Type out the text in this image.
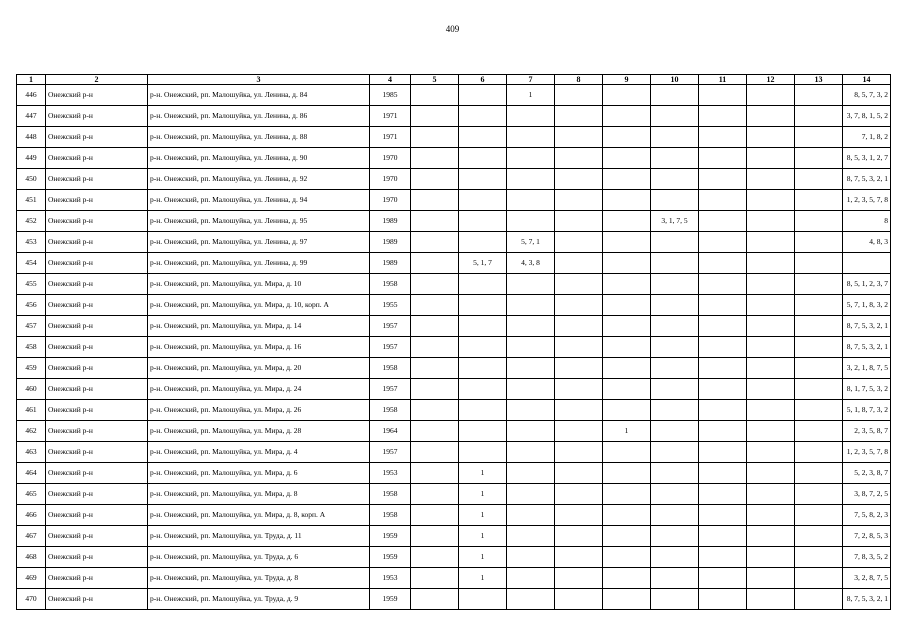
409
1	2	3	4	5	6	7	8	9	10	11	12	13	14
446	Онежский р-н	р-н. Онежский, рп. Малошуйка, ул. Ленина, д. 84	1985			1							8, 5, 7, 3, 2
447	Онежский р-н	р-н. Онежский, рп. Малошуйка, ул. Ленина, д. 86	1971										3, 7, 8, 1, 5, 2
448	Онежский р-н	р-н. Онежский, рп. Малошуйка, ул. Ленина, д. 88	1971										7, 1, 8, 2
449	Онежский р-н	р-н. Онежский, рп. Малошуйка, ул. Ленина, д. 90	1970										8, 5, 3, 1, 2, 7
450	Онежский р-н	р-н. Онежский, рп. Малошуйка, ул. Ленина, д. 92	1970										8, 7, 5, 3, 2, 1
451	Онежский р-н	р-н. Онежский, рп. Малошуйка, ул. Ленина, д. 94	1970										1, 2, 3, 5, 7, 8
452	Онежский р-н	р-н. Онежский, рп. Малошуйка, ул. Ленина, д. 95	1989						3, 1, 7, 5				8
453	Онежский р-н	р-н. Онежский, рп. Малошуйка, ул. Ленина, д. 97	1989			5, 7, 1							4, 8, 3
454	Онежский р-н	р-н. Онежский, рп. Малошуйка, ул. Ленина, д. 99	1989		5, 1, 7	4, 3, 8							
455	Онежский р-н	р-н. Онежский, рп. Малошуйка, ул. Мира, д. 10	1958										8, 5, 1, 2, 3, 7
456	Онежский р-н	р-н. Онежский, рп. Малошуйка, ул. Мира, д. 10, корп. А	1955										5, 7, 1, 8, 3, 2
457	Онежский р-н	р-н. Онежский, рп. Малошуйка, ул. Мира, д. 14	1957										8, 7, 5, 3, 2, 1
458	Онежский р-н	р-н. Онежский, рп. Малошуйка, ул. Мира, д. 16	1957										8, 7, 5, 3, 2, 1
459	Онежский р-н	р-н. Онежский, рп. Малошуйка, ул. Мира, д. 20	1958										3, 2, 1, 8, 7, 5
460	Онежский р-н	р-н. Онежский, рп. Малошуйка, ул. Мира, д. 24	1957										8, 1, 7, 5, 3, 2
461	Онежский р-н	р-н. Онежский, рп. Малошуйка, ул. Мира, д. 26	1958										5, 1, 8, 7, 3, 2
462	Онежский р-н	р-н. Онежский, рп. Малошуйка, ул. Мира, д. 28	1964					1					2, 3, 5, 8, 7
463	Онежский р-н	р-н. Онежский, рп. Малошуйка, ул. Мира, д. 4	1957										1, 2, 3, 5, 7, 8
464	Онежский р-н	р-н. Онежский, рп. Малошуйка, ул. Мира, д. 6	1953		1								5, 2, 3, 8, 7
465	Онежский р-н	р-н. Онежский, рп. Малошуйка, ул. Мира, д. 8	1958		1								3, 8, 7, 2, 5
466	Онежский р-н	р-н. Онежский, рп. Малошуйка, ул. Мира, д. 8, корп. А	1958		1								7, 5, 8, 2, 3
467	Онежский р-н	р-н. Онежский, рп. Малошуйка, ул. Труда, д. 11	1959		1								7, 2, 8, 5, 3
468	Онежский р-н	р-н. Онежский, рп. Малошуйка, ул. Труда, д. 6	1959		1								7, 8, 3, 5, 2
469	Онежский р-н	р-н. Онежский, рп. Малошуйка, ул. Труда, д. 8	1953		1								3, 2, 8, 7, 5
470	Онежский р-н	р-н. Онежский, рп. Малошуйка, ул. Труда, д. 9	1959										8, 7, 5, 3, 2, 1
